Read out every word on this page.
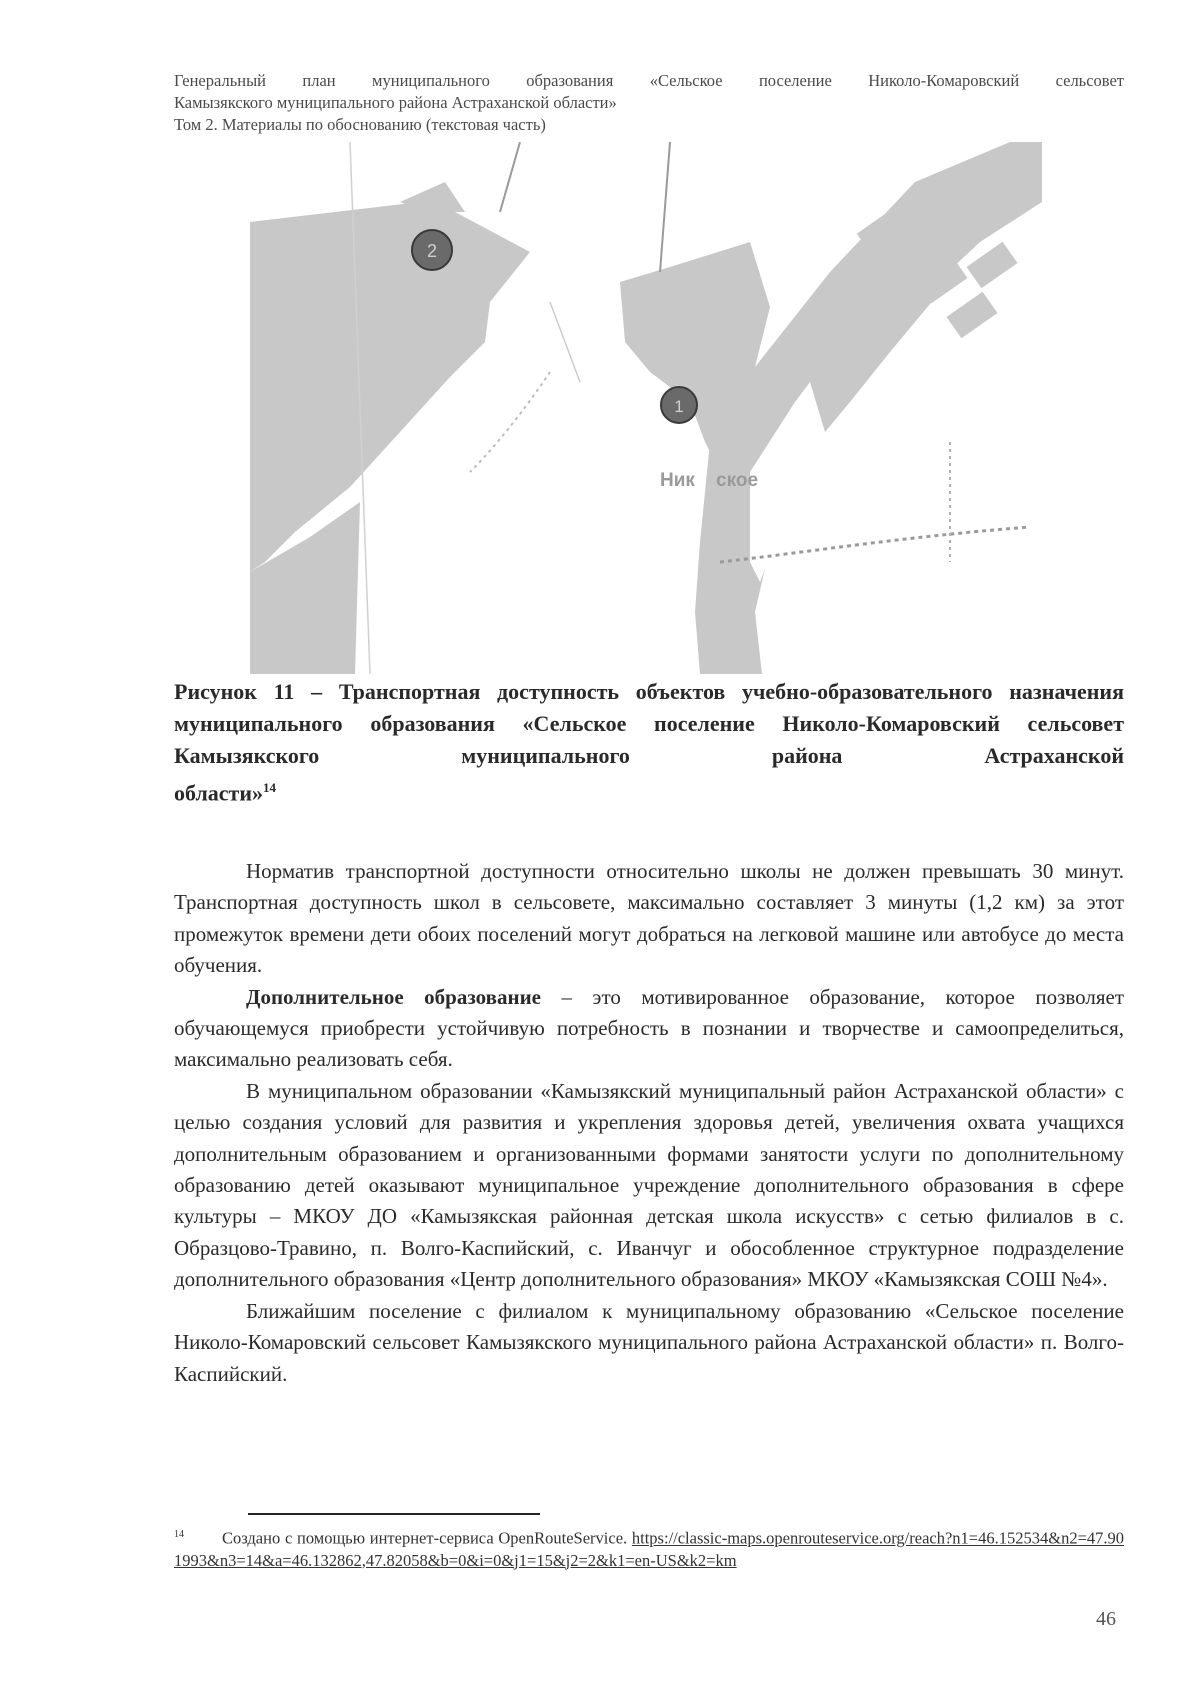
Генеральный план муниципального образования «Сельское поселение Николо-Комаровский сельсовет
Камызякского муниципального района Астраханской области»
Том 2. Материалы по обоснованию (текстовая часть)
2
1
Ник    ское
Рисунок 11 – Транспортная доступность объектов учебно-образовательного назначения муниципального образования «Сельское поселение Николо-Комаровский сельсовет Камызякского муниципального района Астраханской
области»$^{14}$

Норматив транспортной доступности относительно школы не должен превышать 30 минут. Транспортная доступность школ в сельсовете, максимально составляет 3 минуты (1,2 км) за этот промежуток времени дети обоих поселений могут добраться на легковой машине или автобусе до места обучения.

Дополнительное образование – это мотивированное образование, которое позволяет обучающемуся приобрести устойчивую потребность в познании и творчестве и самоопределиться, максимально реализовать себя.

В муниципальном образовании «Камызякский муниципальный район Астраханской области» с целью создания условий для развития и укрепления здоровья детей, увеличения охвата учащихся дополнительным образованием и организованными формами занятости услуги по дополнительному образованию детей оказывают муниципальное учреждение дополнительного образования в сфере культуры – МКОУ ДО «Камызякская районная детская школа искусств» с сетью филиалов в с. Образцово-Травино, п. Волго-Каспийский, с. Иванчуг и обособленное структурное подразделение дополнительного образования «Центр дополнительного образования» МКОУ «Камызякская СОШ №4».

Ближайшим поселение с филиалом к муниципальному образованию «Сельское поселение Николо-Комаровский сельсовет Камызякского муниципального района Астраханской области» п. Волго-Каспийский.

$^{14}$ Создано с помощью интернет-сервиса OpenRouteService. https://classic-maps.openrouteservice.org/reach?n1=46.152534&n2=47.901993&n3=14&a=46.132862,47.82058&b=0&i=0&j1=15&j2=2&k1=en-US&k2=km
46
